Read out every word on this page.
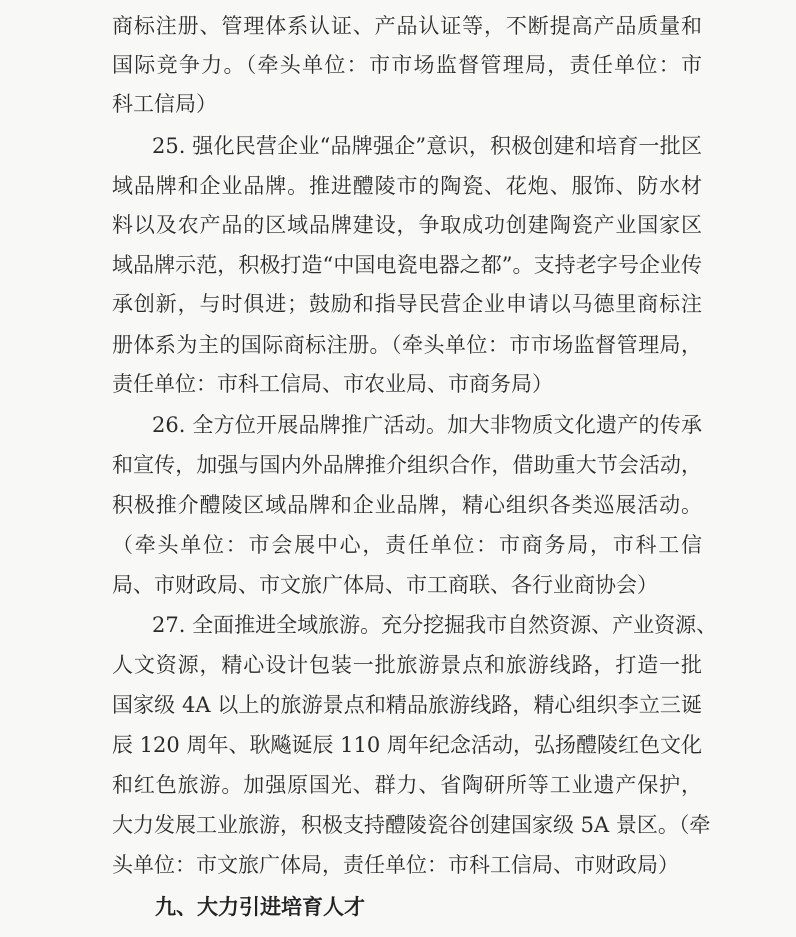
商标注册、管理体系认证、产品认证等，不断提高产品质量和
国际竞争力。（牵头单位：市市场监督管理局，责任单位：市
科工信局）
25. 强化民营企业“品牌强企”意识，积极创建和培育一批区
域品牌和企业品牌。推进醴陵市的陶瓷、花炮、服饰、防水材
料以及农产品的区域品牌建设，争取成功创建陶瓷产业国家区
域品牌示范，积极打造“中国电瓷电器之都”。支持老字号企业传
承创新，与时俱进；鼓励和指导民营企业申请以马德里商标注
册体系为主的国际商标注册。（牵头单位：市市场监督管理局，
责任单位：市科工信局、市农业局、市商务局）
26. 全方位开展品牌推广活动。加大非物质文化遗产的传承
和宣传，加强与国内外品牌推介组织合作，借助重大节会活动，
积极推介醴陵区域品牌和企业品牌，精心组织各类巡展活动。
（牵头单位：市会展中心，责任单位：市商务局，市科工信
局、市财政局、市文旅广体局、市工商联、各行业商协会）
27. 全面推进全域旅游。充分挖掘我市自然资源、产业资源、
人文资源，精心设计包装一批旅游景点和旅游线路，打造一批
国家级 4A 以上的旅游景点和精品旅游线路，精心组织李立三诞
辰 120 周年、耿飚诞辰 110 周年纪念活动，弘扬醴陵红色文化
和红色旅游。加强原国光、群力、省陶研所等工业遗产保护，
大力发展工业旅游，积极支持醴陵瓷谷创建国家级 5A 景区。（牵
头单位：市文旅广体局，责任单位：市科工信局、市财政局）
九、大力引进培育人才
